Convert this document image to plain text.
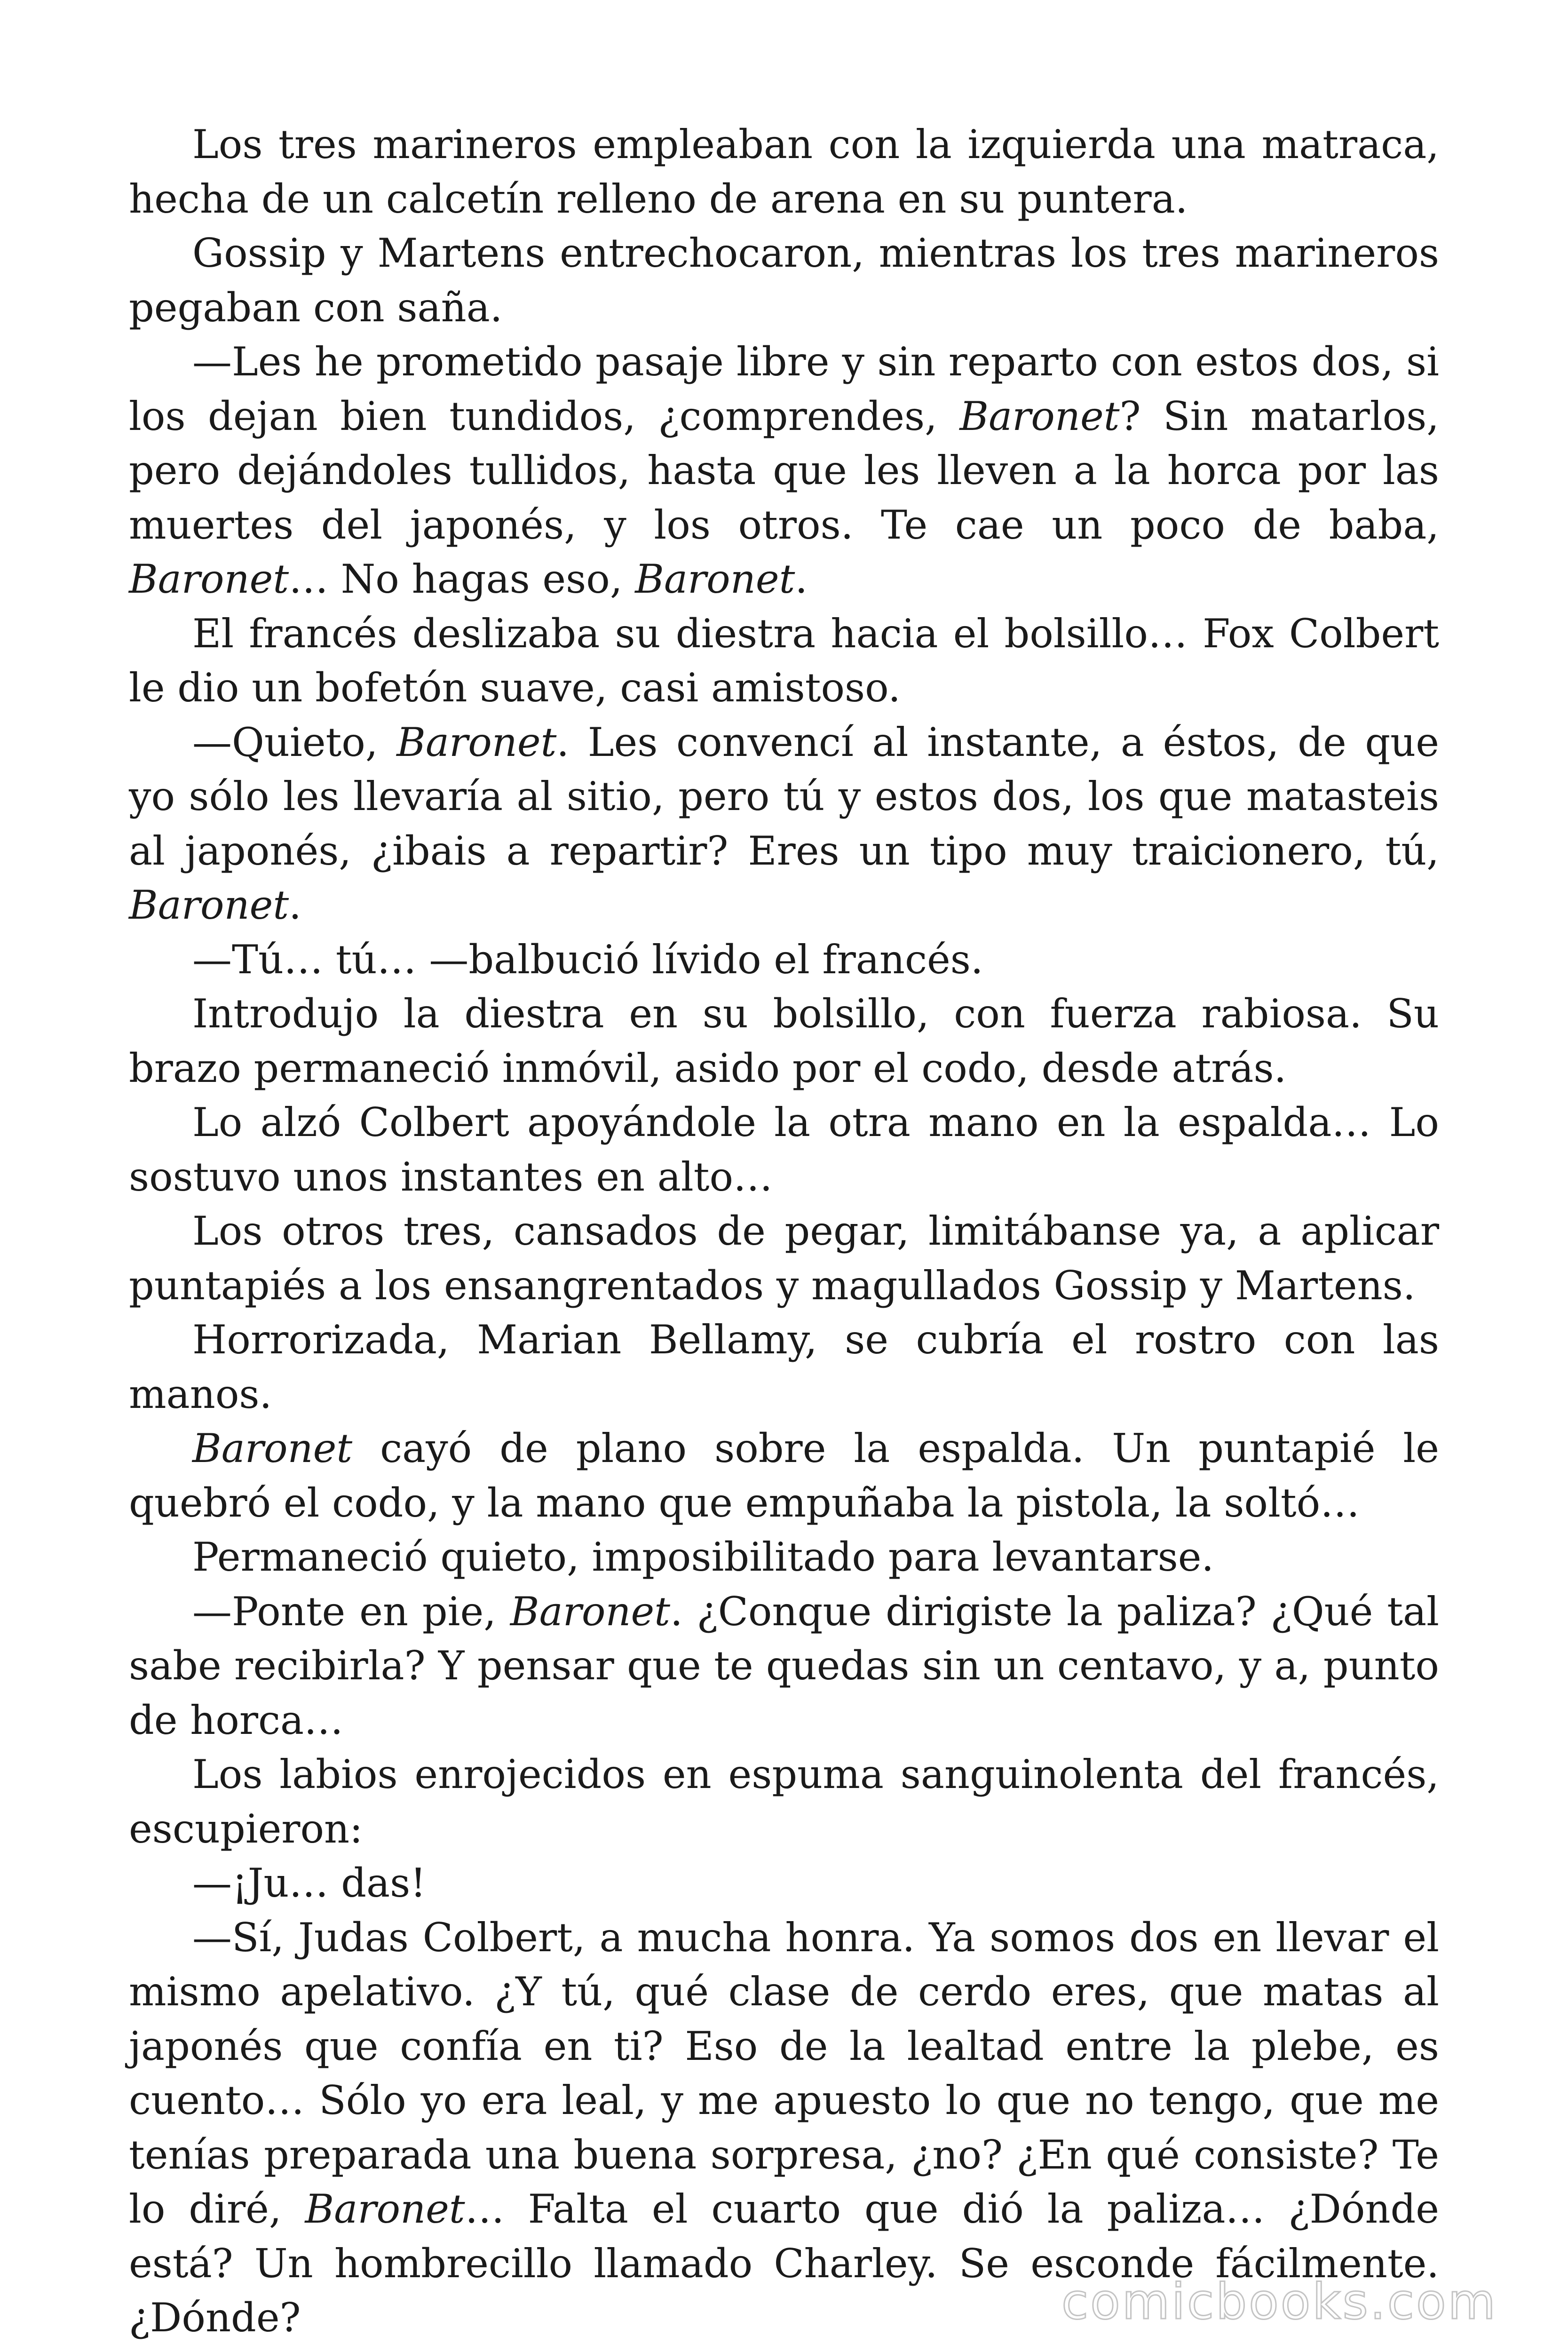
Los tres marineros empleaban con la izquierda una matraca, hecha de un calcetín relleno de arena en su puntera.

Gossip y Martens entrechocaron, mientras los tres marineros pegaban con saña.

—Les he prometido pasaje libre y sin reparto con estos dos, si los dejan bien tundidos, ¿comprendes, Baronet? Sin matarlos, pero dejándoles tullidos, hasta que les lleven a la horca por las muertes del japonés, y los otros. Te cae un poco de baba, Baronet… No hagas eso, Baronet.

El francés deslizaba su diestra hacia el bolsillo… Fox Colbert le dio un bofetón suave, casi amistoso.

—Quieto, Baronet. Les convencí al instante, a éstos, de que yo sólo les llevaría al sitio, pero tú y estos dos, los que matasteis al japonés, ¿ibais a repartir? Eres un tipo muy traicionero, tú, Baronet.

—Tú… tú… —balbució lívido el francés.

Introdujo la diestra en su bolsillo, con fuerza rabiosa. Su brazo permaneció inmóvil, asido por el codo, desde atrás.

Lo alzó Colbert apoyándole la otra mano en la espalda… Lo sostuvo unos instantes en alto…

Los otros tres, cansados de pegar, limitábanse ya, a aplicar puntapiés a los ensangrentados y magullados Gossip y Martens.

Horrorizada, Marian Bellamy, se cubría el rostro con las manos.

Baronet cayó de plano sobre la espalda. Un puntapié le quebró el codo, y la mano que empuñaba la pistola, la soltó…

Permaneció quieto, imposibilitado para levantarse.

—Ponte en pie, Baronet. ¿Conque dirigiste la paliza? ¿Qué tal sabe recibirla? Y pensar que te quedas sin un centavo, y a, punto de horca…

Los labios enrojecidos en espuma sanguinolenta del francés, escupieron:

—¡Ju… das!

—Sí, Judas Colbert, a mucha honra. Ya somos dos en llevar el mismo apelativo. ¿Y tú, qué clase de cerdo eres, que matas al japonés que confía en ti? Eso de la lealtad entre la plebe, es cuento… Sólo yo era leal, y me apuesto lo que no tengo, que me tenías preparada una buena sorpresa, ¿no? ¿En qué consiste? Te lo diré, Baronet… Falta el cuarto que dió la paliza… ¿Dónde está? Un hombrecillo llamado Charley. Se esconde fácilmente. ¿Dónde?	comicbooks.com
